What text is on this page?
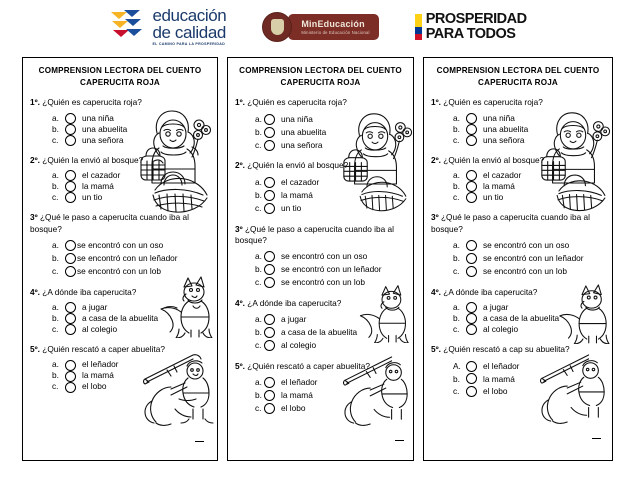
educación
de calidad
EL CAMINO PARA LA PROSPERIDAD
MinEducación
Ministerio de Educación Nacional
PROSPERIDAD
PARA TODOS
COMPRENSION LECTORA DEL CUENTO
CAPERUCITA ROJA
1º. ¿Quién es caperucita roja?
a.	una niña
b.	una abuelita
c.	una señora
2º. ¿Quién la envió al bosque?
a.	el cazador
b.	la mamá
c.	un tio
3º ¿Qué le paso a caperucita cuando iba al bosque?
a.	se encontró con un oso
b.	se encontró con un leñador
c.	se encontró con un lob
4º. ¿A dónde iba caperucita?
a.	a jugar
b.	a casa de la abuelita
c.	al colegio
5º. ¿Quién rescató a caper abuelita?
a.	el leñador
b.	la mamá
c.	el lobo
COMPRENSION LECTORA DEL CUENTO
CAPERUCITA ROJA
1º. ¿Quién es caperucita roja?
a. una niña
b. una abuelita
c.	una señora
2º. ¿Quién la envió al bosque?
a. el cazador
b. la mamá
c.	un tio
3º ¿Qué le paso a caperucita cuando iba al bosque?
a. se encontró con un oso
b. se encontró con un leñador
c.	se encontró con un lob
4º. ¿A dónde iba caperucita?
a. a jugar
b. a casa de la abuelita
c.	al colegio
5º. ¿Quién rescató a caper abuelita?
a. el leñador
b. la mamá
c.	el lobo
COMPRENSION LECTORA DEL CUENTO
CAPERUCITA ROJA
1º. ¿Quién es caperucita roja?
a.	una niña
b.	una abuelita
c.	una señora
2º. ¿Quién la envió al bosque?
a.	el cazador
b.	la mamá
c.	un tio
3º ¿Qué le paso a caperucita cuando iba al bosque?
a.	se encontró con un oso
b.	se encontró con un leñador
c.	se encontró con un lob
4º. ¿A dónde iba caperucita?
a.	a jugar
b.	a casa de la abuelita
c.	al colegio
5º. ¿Quién rescató a cap su abuelita?
A.	el leñador
b.	la mamá
c.	el lobo
